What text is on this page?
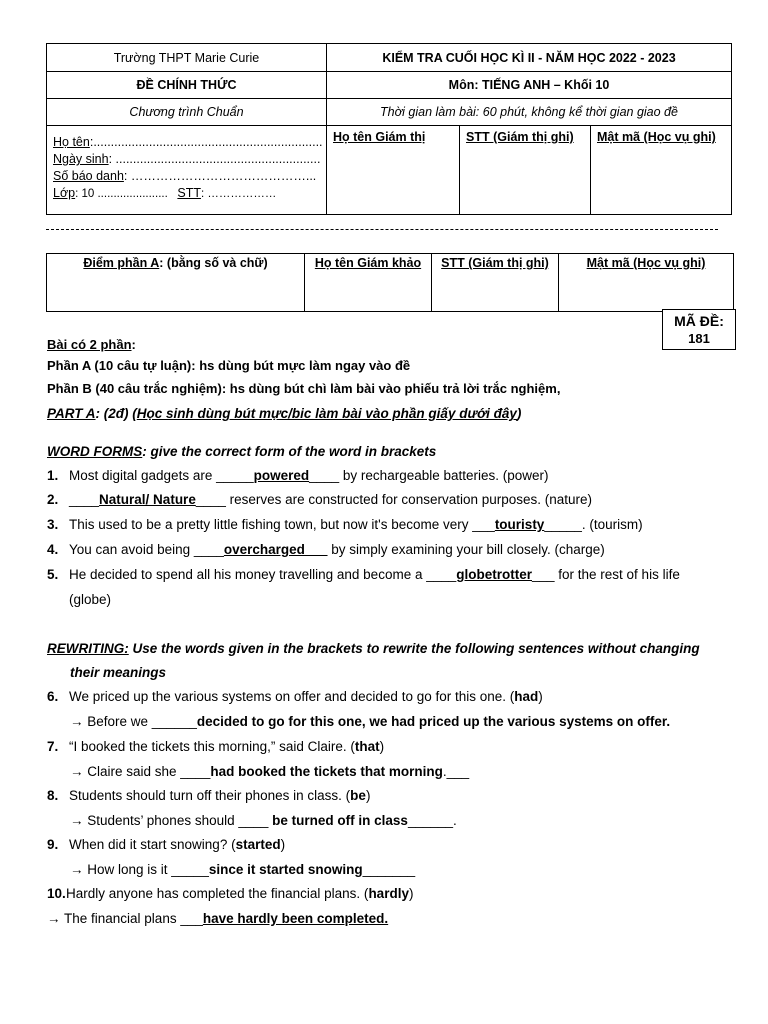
Trường THPT Marie Curie	KIỂM TRA CUỐI HỌC KÌ II - NĂM HỌC 2022 - 2023		
ĐỀ CHÍNH THỨC	Môn: TIẾNG ANH – Khối 10		
Chương trình Chuẩn	Thời gian làm bài: 60 phút, không kể thời gian giao đề		

Họ tên:..................................................................
Ngày sinh: ...........................................................
Số báo danh: ……………………………………...
Lớp: 10 ...................... STT: ………………	Họ tên Giám thị	STT (Giám thị ghi)	Mật mã (Học vụ ghi)
Điểm phần A: (bằng số và chữ)	Họ tên Giám khảo	STT (Giám thị ghi)	Mật mã (Học vụ ghi)
MÃ ĐỀ:
181
Bài có 2 phần:
Phần A (10 câu tự luận): hs dùng bút mực làm ngay vào đề
Phần B (40 câu trắc nghiệm): hs dùng bút chì làm bài vào phiếu trả lời trắc nghiệm,
PART A: (2đ) (Học sinh dùng bút mực/bic làm bài vào phần giấy dưới đây)
WORD FORMS: give the correct form of the word in brackets
1. Most digital gadgets are _____powered____ by rechargeable batteries. (power)
2. ____Natural/ Nature____ reserves are constructed for conservation purposes. (nature)
3. This used to be a pretty little fishing town, but now it's become very ___touristy_____. (tourism)
4. You can avoid being ____overcharged___ by simply examining your bill closely. (charge)
5. He decided to spend all his money travelling and become a ____globetrotter___ for the rest of his life
(globe)
REWRITING: Use the words given in the brackets to rewrite the following sentences without changing
their meanings
6. We priced up the various systems on offer and decided to go for this one. (had)
→ Before we ______decided to go for this one, we had priced up the various systems on offer.
7. “I booked the tickets this morning,” said Claire. (that)
→ Claire said she ____had booked the tickets that morning.___
8. Students should turn off their phones in class. (be)
→ Students’ phones should ____ be turned off in class______.
9. When did it start snowing? (started)
→ How long is it _____since it started snowing_______
10. Hardly anyone has completed the financial plans. (hardly)
→ The financial plans ___have hardly been completed.
